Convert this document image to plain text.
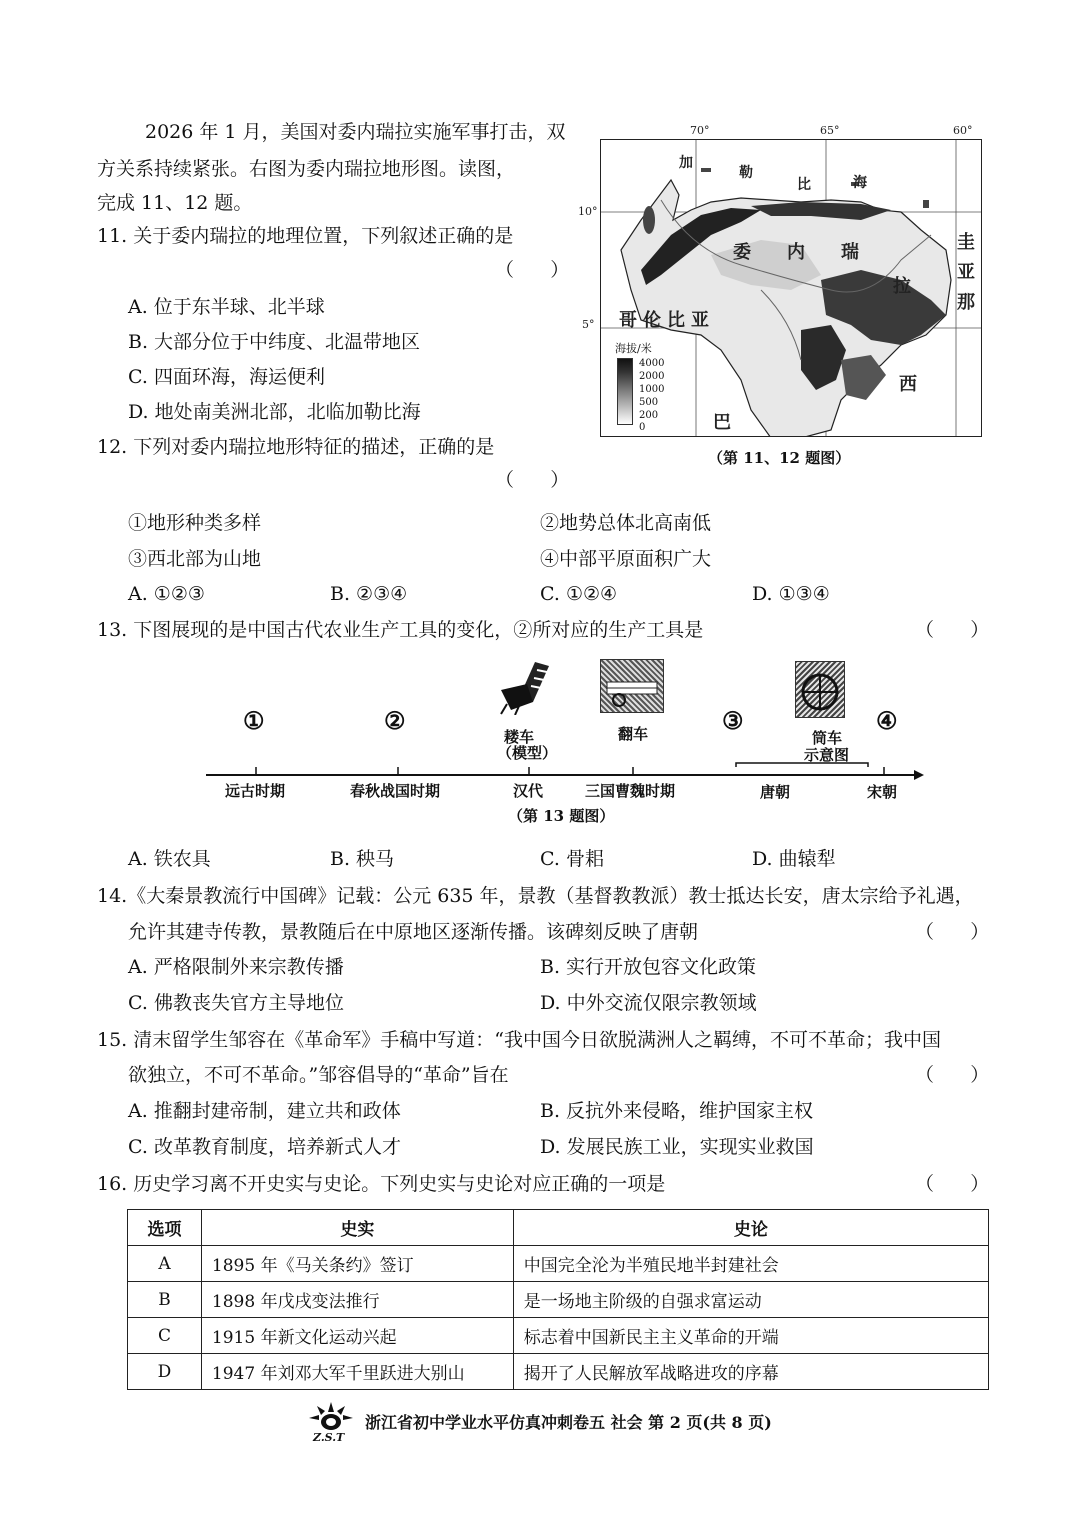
2026 年 1 月，美国对委内瑞拉实施军事打击，双
方关系持续紧张。右图为委内瑞拉地形图。读图，
完成 11、12 题。
11. 关于委内瑞拉的地理位置，下列叙述正确的是
（      ）
A. 位于东半球、北半球
B. 大部分位于中纬度、北温带地区
C. 四面环海，海运便利
D. 地处南美洲北部，北临加勒比海
70°	65°	60°
10°
5°
加
勒
比	海
委 内 瑞
拉
哥伦比亚
圭
亚
那
巴
西
海拔/米
4000
2000
1000
500
200
0
（第 11、12 题图）
12. 下列对委内瑞拉地形特征的描述，正确的是
（      ）
①地形种类多样	②地势总体北高南低
③西北部为山地	④中部平原面积广大
A. ①②③	B. ②③④	C. ①②④	D. ①③④
13. 下图展现的是中国古代农业生产工具的变化，②所对应的生产工具是	（      ）
耧车
（模型）
翻车	筒车
示意图
①	②	③	④
远古时期	春秋战国时期	汉代	三国曹魏时期	唐朝	宋朝
（第 13 题图）
A. 铁农具	B. 秧马	C. 骨耜	D. 曲辕犁
14.《大秦景教流行中国碑》记载：公元 635 年，景教（基督教教派）教士抵达长安，唐太宗给予礼遇，
允许其建寺传教，景教随后在中原地区逐渐传播。该碑刻反映了唐朝	（      ）
A. 严格限制外来宗教传播	B. 实行开放包容文化政策
C. 佛教丧失官方主导地位	D. 中外交流仅限宗教领域
15. 清末留学生邹容在《革命军》手稿中写道：“我中国今日欲脱满洲人之羁缚，不可不革命；我中国
欲独立，不可不革命。”邹容倡导的“革命”旨在	（      ）
A. 推翻封建帝制，建立共和政体	B. 反抗外来侵略，维护国家主权
C. 改革教育制度，培养新式人才	D. 发展民族工业，实现实业救国
16. 历史学习离不开史实与史论。下列史实与史论对应正确的一项是	（      ）
选项	史实	史论
A	1895 年《马关条约》签订	中国完全沦为半殖民地半封建社会
B	1898 年戊戌变法推行	是一场地主阶级的自强求富运动
C	1915 年新文化运动兴起	标志着中国新民主主义革命的开端
D	1947 年刘邓大军千里跃进大别山	揭开了人民解放军战略进攻的序幕
Z.S.T
浙江省初中学业水平仿真冲刺卷五 社会 第 2 页(共 8 页)
